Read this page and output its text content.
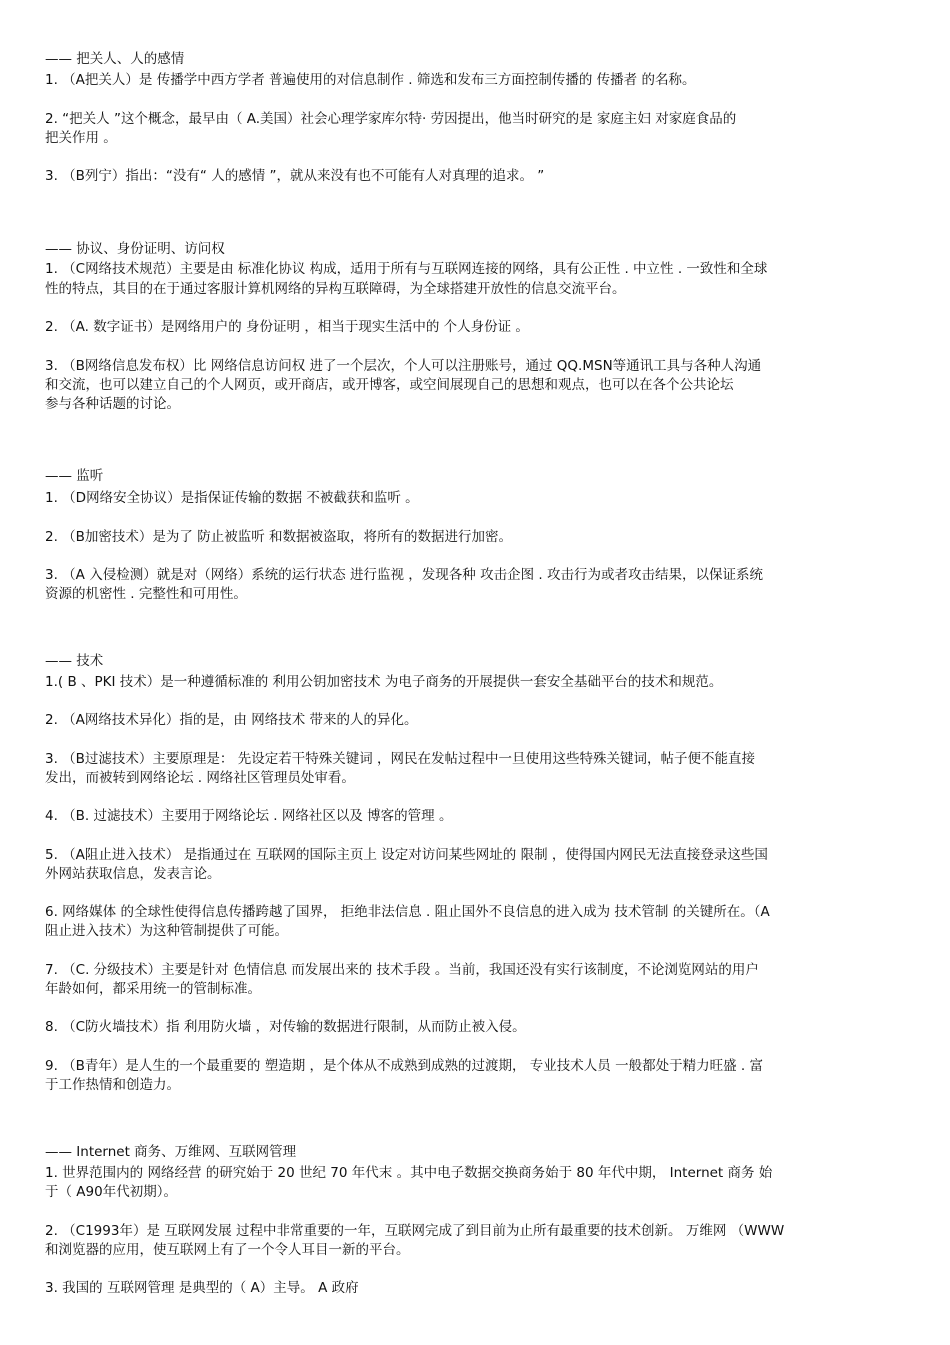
—— 把关人、人的感情
1. （A把关人）是 传播学中西方学者 普遍使用的对信息制作 . 筛选和发布三方面控制传播的 传播者 的名称。
2. “把关人 ”这个概念，最早由（ A.美国）社会心理学家库尔特· 劳因提出，他当时研究的是 家庭主妇 对家庭食品的
把关作用 。
3. （B列宁）指出：“没有“ 人的感情 ”，就从来没有也不可能有人对真理的追求。 ”
—— 协议、身份证明、访问权
1. （C网络技术规范）主要是由 标准化协议 构成，适用于所有与互联网连接的网络，具有公正性 . 中立性 . 一致性和全球
性的特点，其目的在于通过客服计算机网络的异构互联障碍，为全球搭建开放性的信息交流平台。
2. （A. 数字证书）是网络用户的 身份证明 ，相当于现实生活中的 个人身份证 。
3. （B网络信息发布权）比 网络信息访问权 进了一个层次，个人可以注册账号，通过 QQ.MSN等通讯工具与各种人沟通
和交流，也可以建立自己的个人网页，或开商店，或开博客，或空间展现自己的思想和观点，也可以在各个公共论坛
参与各种话题的讨论。
—— 监听
1. （D网络安全协议）是指保证传输的数据 不被截获和监听 。
2. （B加密技术）是为了 防止被监听 和数据被盗取，将所有的数据进行加密。
3. （A 入侵检测）就是对（网络）系统的运行状态 进行监视 ，发现各种 攻击企图 . 攻击行为或者攻击结果，以保证系统
资源的机密性 . 完整性和可用性。
—— 技术
1.( B 、PKI 技术）是一种遵循标准的 利用公钥加密技术 为电子商务的开展提供一套安全基础平台的技术和规范。
2. （A网络技术异化）指的是，由 网络技术 带来的人的异化。
3. （B过滤技术）主要原理是： 先设定若干特殊关键词 ，网民在发帖过程中一旦使用这些特殊关键词，帖子便不能直接
发出，而被转到网络论坛 . 网络社区管理员处审看。
4. （B. 过滤技术）主要用于网络论坛 . 网络社区以及 博客的管理 。
5. （A阻止进入技术） 是指通过在 互联网的国际主页上 设定对访问某些网址的 限制 ，使得国内网民无法直接登录这些国
外网站获取信息，发表言论。
6. 网络媒体 的全球性使得信息传播跨越了国界， 拒绝非法信息 . 阻止国外不良信息的进入成为 技术管制 的关键所在。（A
阻止进入技术）为这种管制提供了可能。
7. （C. 分级技术）主要是针对 色情信息 而发展出来的 技术手段 。当前，我国还没有实行该制度，不论浏览网站的用户
年龄如何，都采用统一的管制标准。
8. （C防火墙技术）指 利用防火墙 ，对传输的数据进行限制，从而防止被入侵。
9. （B青年）是人生的一个最重要的 塑造期 ，是个体从不成熟到成熟的过渡期， 专业技术人员 一般都处于精力旺盛 . 富
于工作热情和创造力。
—— Internet 商务、万维网、互联网管理
1. 世界范围内的 网络经营 的研究始于 20 世纪 70 年代末 。其中电子数据交换商务始于 80 年代中期， Internet 商务 始
于（ A90年代初期）。
2. （C1993年）是 互联网发展 过程中非常重要的一年，互联网完成了到目前为止所有最重要的技术创新。 万维网 （WWW
和浏览器的应用，使互联网上有了一个令人耳目一新的平台。
3. 我国的 互联网管理 是典型的（ A）主导。 A 政府
